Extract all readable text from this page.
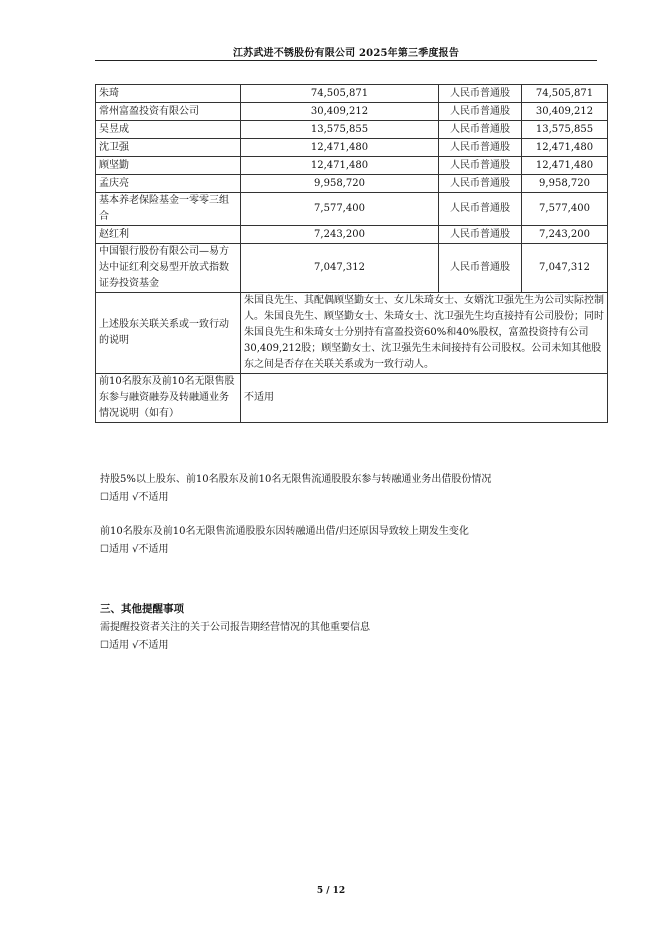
江苏武进不锈股份有限公司 2025年第三季度报告
朱琦	74,505,871	人民币普通股	74,505,871
常州富盈投资有限公司	30,409,212	人民币普通股	30,409,212
吴昱成	13,575,855	人民币普通股	13,575,855
沈卫强	12,471,480	人民币普通股	12,471,480
顾坚勤	12,471,480	人民币普通股	12,471,480
孟庆亮	9,958,720	人民币普通股	9,958,720
基本养老保险基金一零零三组合	7,577,400	人民币普通股	7,577,400
赵红利	7,243,200	人民币普通股	7,243,200
中国银行股份有限公司—易方达中证红利交易型开放式指数证券投资基金	7,047,312	人民币普通股	7,047,312
上述股东关联关系或一致行动的说明	朱国良先生、其配偶顾坚勤女士、女儿朱琦女士、女婿沈卫强先生为公司实际控制人。朱国良先生、顾坚勤女士、朱琦女士、沈卫强先生均直接持有公司股份；同时朱国良先生和朱琦女士分别持有富盈投资60%和40%股权，富盈投资持有公司30,409,212股；顾坚勤女士、沈卫强先生未间接持有公司股权。公司未知其他股东之间是否存在关联关系或为一致行动人。		
前10名股东及前10名无限售股东参与融资融券及转融通业务情况说明（如有）	不适用		
持股5%以上股东、前10名股东及前10名无限售流通股股东参与转融通业务出借股份情况
☐适用 √不适用
前10名股东及前10名无限售流通股股东因转融通出借/归还原因导致较上期发生变化
☐适用 √不适用
三、其他提醒事项
需提醒投资者关注的关于公司报告期经营情况的其他重要信息
☐适用 √不适用
5 / 12
